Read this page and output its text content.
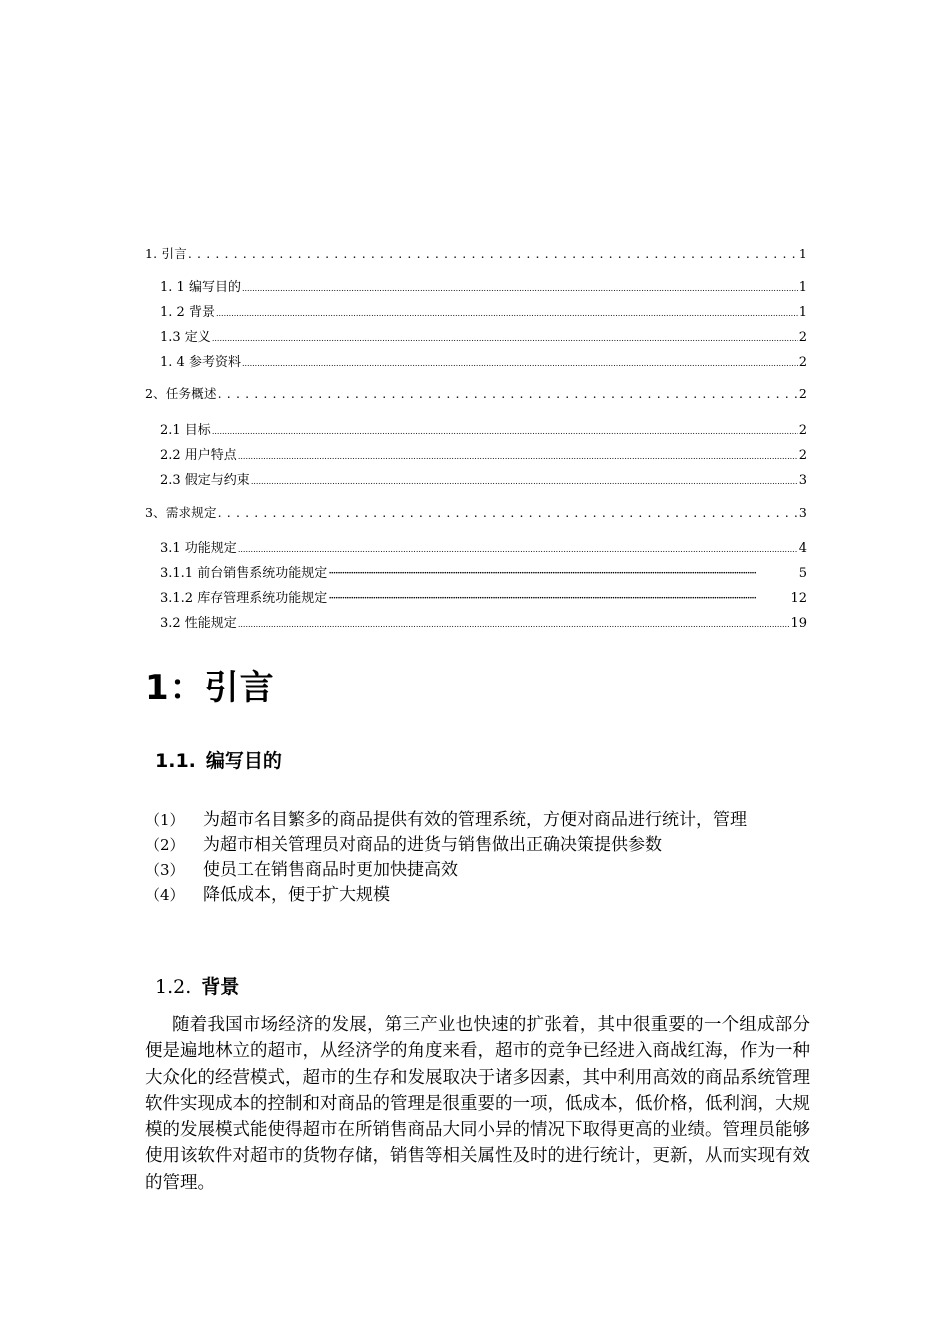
1. 引言 . . .	1
1. 1 编写目的 .....	1
1. 2 背景 .....	1
1.3 定义 .....	2
1. 4 参考资料 .....	2
2、任务概述 . . .	2
2.1 目标 .....	2
2.2 用户特点 .....	2
2.3 假定与约束 .....	3
3、需求规定 . . .	3
3.1 功能规定 .....	4
3.1.1 前台销售系统功能规定 ·····	5
3.1.2 库存管理系统功能规定 ·····	12
3.2 性能规定 .....	19
1：引言
1.1. 编写目的
（1）	为超市名目繁多的商品提供有效的管理系统，方便对商品进行统计，管理
（2）	为超市相关管理员对商品的进货与销售做出正确决策提供参数
（3）	使员工在销售商品时更加快捷高效
（4）	降低成本，便于扩大规模
1.2. 背景
随着我国市场经济的发展，第三产业也快速的扩张着，其中很重要的一个组成部分便是遍地林立的超市，从经济学的角度来看，超市的竞争已经进入商战红海，作为一种大众化的经营模式，超市的生存和发展取决于诸多因素，其中利用高效的商品系统管理软件实现成本的控制和对商品的管理是很重要的一项，低成本，低价格，低利润，大规模的发展模式能使得超市在所销售商品大同小异的情况下取得更高的业绩。管理员能够使用该软件对超市的货物存储，销售等相关属性及时的进行统计，更新，从而实现有效的管理。
